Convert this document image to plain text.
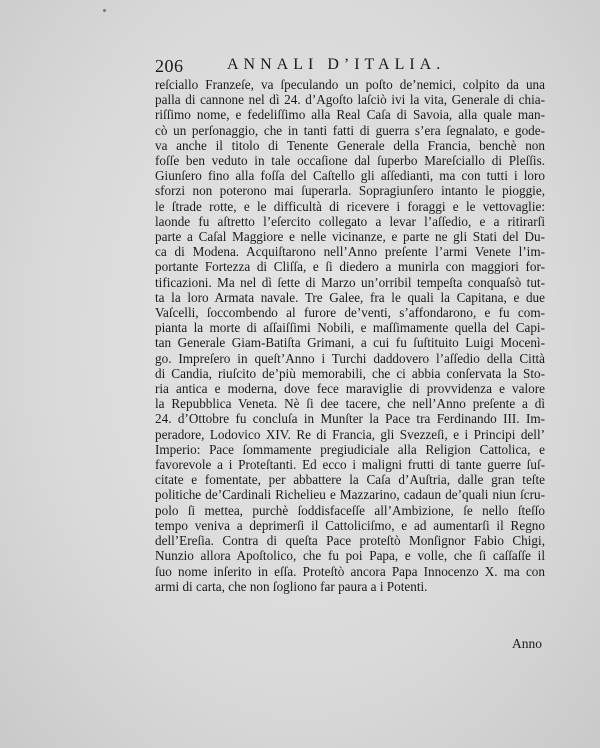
206	ANNALI D’ITALIA.
reſciallo Franzeſe, va ſpeculando un poſto de’nemici, colpito da una
palla di cannone nel dì 24. d’Agoſto laſciò ivi la vita, Generale di chia-
riſſimo nome, e fedeliſſimo alla Real Caſa di Savoia, alla quale man-
cò un perſonaggio, che in tanti fatti di guerra s’era ſegnalato, e gode-
va anche il titolo di Tenente Generale della Francia, benchè non
foſſe ben veduto in tale occaſione dal ſuperbo Mareſciallo di Pleſſis.
Giunſero fino alla foſſa del Caſtello gli aſſedianti, ma con tutti i loro
sforzi non poterono mai ſuperarla. Sopragiunſero intanto le pioggie,
le ſtrade rotte, e le difficultà di ricevere i foraggi e le vettovaglie:
laonde fu aſtretto l’eſercito collegato a levar l’aſſedio, e a ritirarſi
parte a Caſal Maggiore e nelle vicinanze, e parte ne gli Stati del Du-
ca di Modena. Acquiſtarono nell’Anno preſente l’armi Venete l’im-
portante Fortezza di Cliſſa, e ſi diedero a munirla con maggiori for-
tificazioni. Ma nel dì ſette di Marzo un’orribil tempeſta conquaſsò tut-
ta la loro Armata navale. Tre Galee, fra le quali la Capitana, e due
Vaſcelli, ſoccombendo al furore de’venti, s’affondarono, e fu com-
pianta la morte di aſſaiſſimi Nobili, e maſſimamente quella del Capi-
tan Generale Giam-Batiſta Grimani, a cui fu ſuſtituito Luigi Mocenì-
go. Impreſero in queſt’Anno i Turchi daddovero l’aſſedio della Città
di Candia, riuſcito de’più memorabili, che ci abbia conſervata la Sto-
ria antica e moderna, dove fece maraviglie di provvidenza e valore
la Repubblica Veneta. Nè ſi dee tacere, che nell’Anno preſente a dì
24. d’Ottobre fu concluſa in Munſter la Pace tra Ferdinando III. Im-
peradore, Lodovico XIV. Re di Francia, gli Svezzeſi, e i Principi dell’
Imperio: Pace ſommamente pregiudiciale alla Religion Cattolica, e
favorevole a i Proteſtanti. Ed ecco i maligni frutti di tante guerre ſuſ-
citate e fomentate, per abbattere la Caſa d’Auſtria, dalle gran teſte
politiche de’Cardinali Richelieu e Mazzarino, cadaun de’quali niun ſcru-
polo ſi mettea, purchè ſoddisfaceſſe all’Ambizione, ſe nello ſteſſo
tempo veniva a deprimerſi il Cattoliciſmo, e ad aumentarſi il Regno
dell’Ereſia. Contra di queſta Pace proteſtò Monſignor Fabio Chigi,
Nunzio allora Apoſtolico, che fu poi Papa, e volle, che ſi caſſaſſe il
ſuo nome inſerito in eſſa. Proteſtò ancora Papa Innocenzo X. ma con
armi di carta, che non ſogliono far paura a i Potenti.
Anno
